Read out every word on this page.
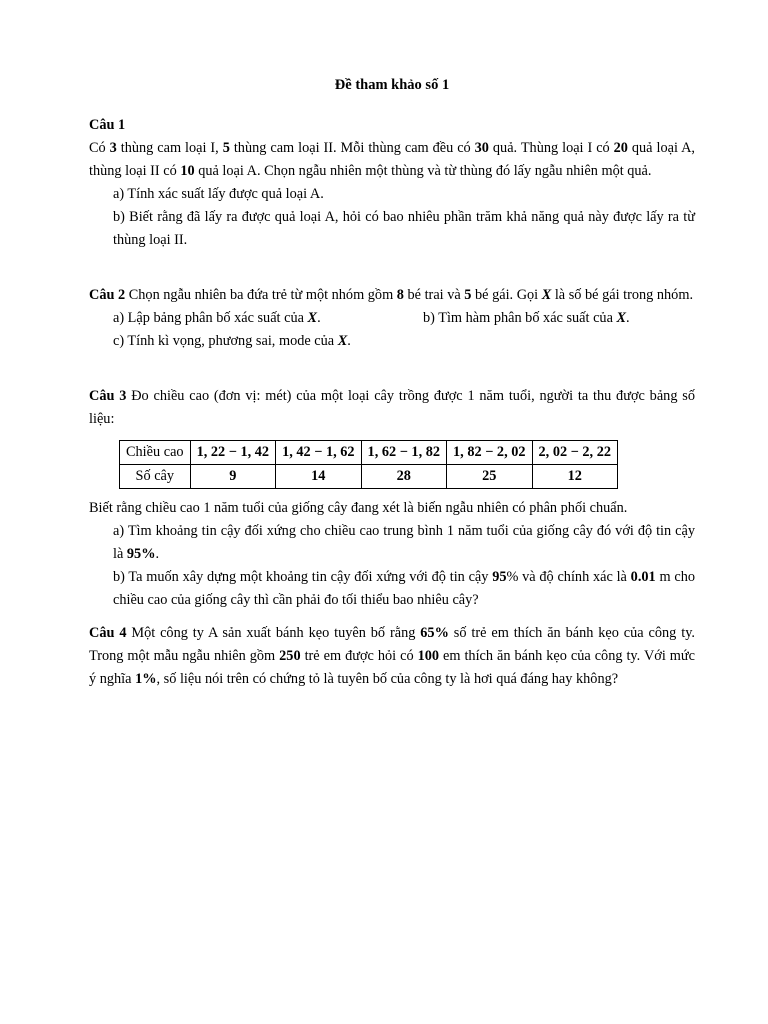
Đề tham khảo số 1

Câu 1

Có 3 thùng cam loại I, 5 thùng cam loại II. Mỗi thùng cam đều có 30 quả. Thùng loại I có 20 quả loại A, thùng loại II có 10 quả loại A. Chọn ngẫu nhiên một thùng và từ thùng đó lấy ngẫu nhiên một quả.

a) Tính xác suất lấy được quả loại A.

b) Biết rằng đã lấy ra được quả loại A, hỏi có bao nhiêu phần trăm khả năng quả này được lấy ra từ thùng loại II.

Câu 2 Chọn ngẫu nhiên ba đứa trẻ từ một nhóm gồm 8 bé trai và 5 bé gái. Gọi X là số bé gái trong nhóm.

a) Lập bảng phân bố xác suất của X.	b) Tìm hàm phân bố xác suất của X.

c) Tính kì vọng, phương sai, mode của X.

Câu 3 Đo chiều cao (đơn vị: mét) của một loại cây trồng được 1 năm tuổi, người ta thu được bảng số liệu:

Chiều cao	1, 22 − 1, 42	1, 42 − 1, 62	1, 62 − 1, 82	1, 82 − 2, 02	2, 02 − 2, 22
Số cây	9	14	28	25	12

Biết rằng chiều cao 1 năm tuổi của giống cây đang xét là biến ngẫu nhiên có phân phối chuẩn.

a) Tìm khoảng tin cậy đối xứng cho chiều cao trung bình 1 năm tuổi của giống cây đó với độ tin cậy là 95%.

b) Ta muốn xây dựng một khoảng tin cậy đối xứng với độ tin cậy 95% và độ chính xác là 0.01 m cho chiều cao của giống cây thì cần phải đo tối thiểu bao nhiêu cây?

Câu 4 Một công ty A sản xuất bánh kẹo tuyên bố rằng 65% số trẻ em thích ăn bánh kẹo của công ty. Trong một mẫu ngẫu nhiên gồm 250 trẻ em được hỏi có 100 em thích ăn bánh kẹo của công ty. Với mức ý nghĩa 1%, số liệu nói trên có chứng tỏ là tuyên bố của công ty là hơi quá đáng hay không?
